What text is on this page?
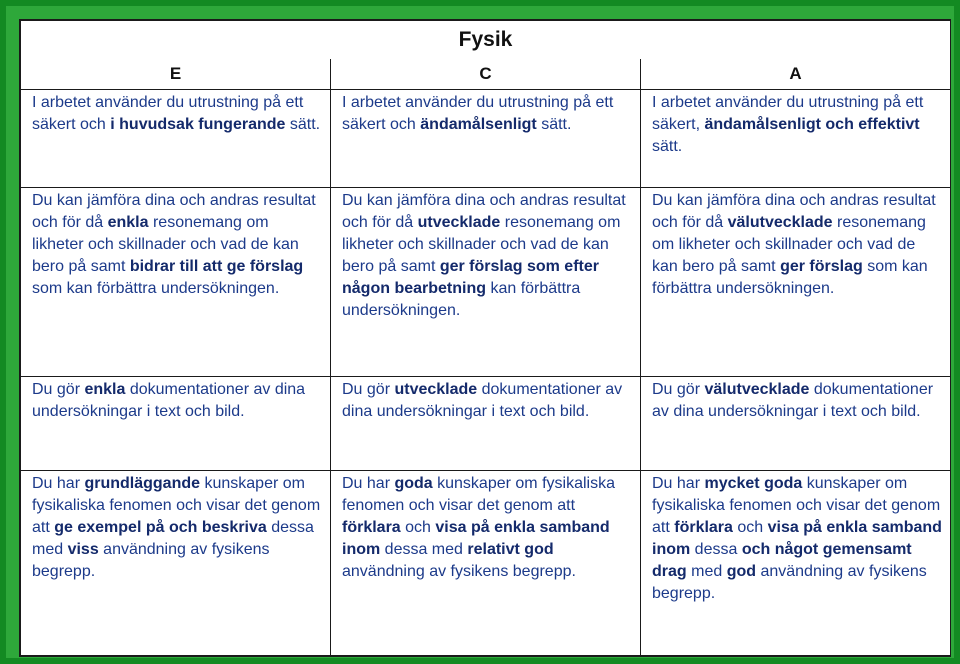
Fysik		
E	C	A

I arbetet använder du utrustning på ett säkert och i huvudsak fungerande sätt.	I arbetet använder du utrustning på ett säkert och ändamålsenligt sätt.	I arbetet använder du utrustning på ett säkert, ändamålsenligt och effektivt sätt.

Du kan jämföra dina och andras resultat och för då enkla resonemang om likheter och skillnader och vad de kan bero på samt bidrar till att ge förslag som kan förbättra undersökningen.	Du kan jämföra dina och andras resultat och för då utvecklade resonemang om likheter och skillnader och vad de kan bero på samt ger förslag som efter någon bearbetning kan förbättra undersökningen.	Du kan jämföra dina och andras resultat och för då välutvecklade resonemang om likheter och skillnader och vad de kan bero på samt ger förslag som kan förbättra undersökningen.

Du gör enkla dokumentationer av dina undersökningar i text och bild.	Du gör utvecklade dokumentationer av dina undersökningar i text och bild.	Du gör välutvecklade dokumentationer av dina undersökningar i text och bild.

Du har grundläggande kunskaper om fysikaliska fenomen och visar det genom att ge exempel på och beskriva dessa med viss användning av fysikens begrepp.	Du har goda kunskaper om fysikaliska fenomen och visar det genom att förklara och visa på enkla samband inom dessa med relativt god användning av fysikens begrepp.	Du har mycket goda kunskaper om fysikaliska fenomen och visar det genom att förklara och visa på enkla samband inom dessa och något gemensamt drag med god användning av fysikens begrepp.
